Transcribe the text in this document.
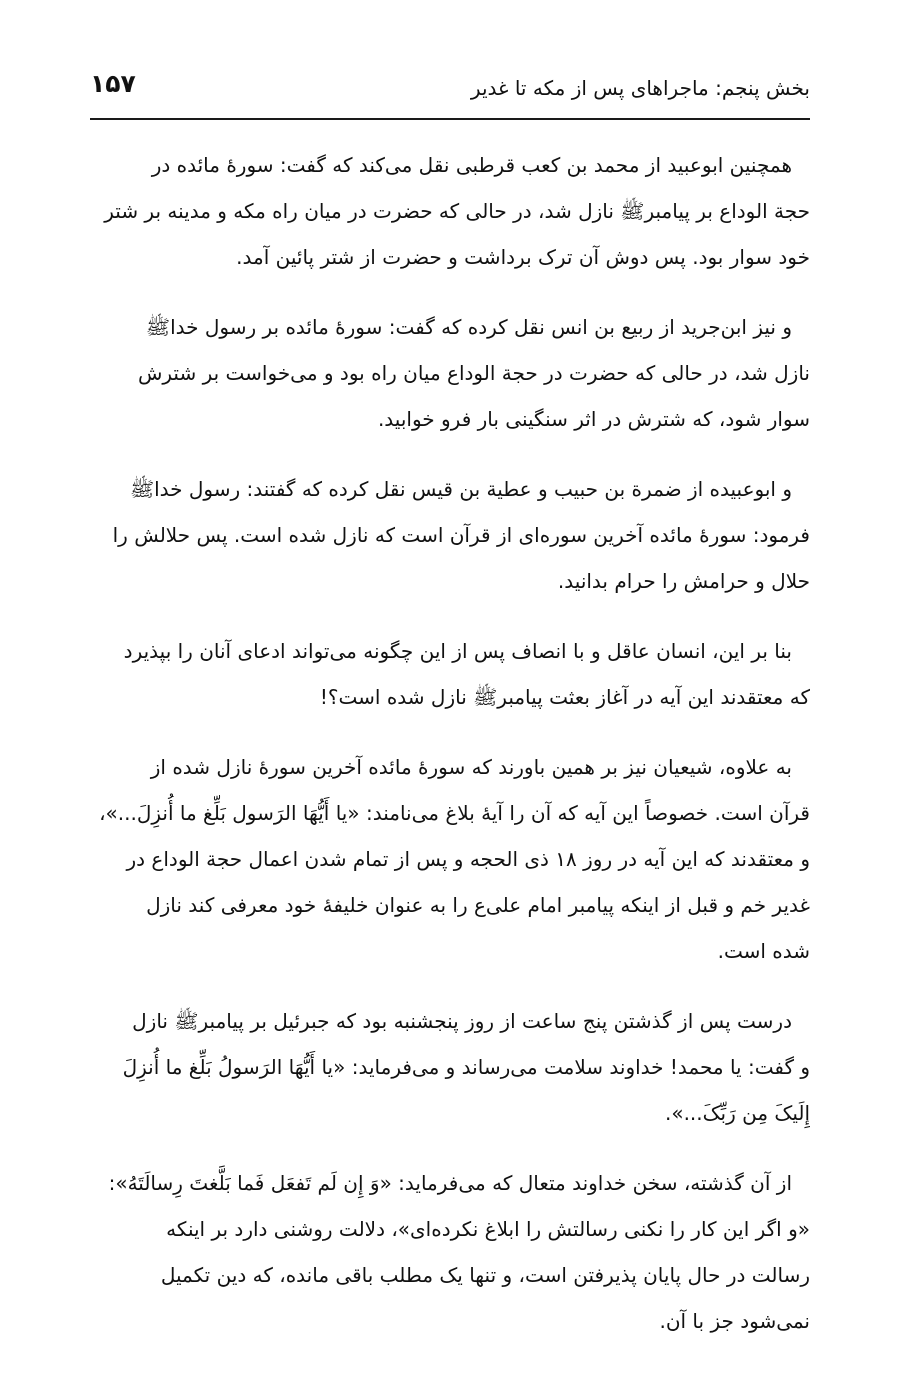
بخش پنجم: ماجراهای پس از مکه تا غدیر
۱۵۷
همچنین ابوعبید از محمد بن کعب قرطبی نقل می‌کند که گفت: سورۀ مائده در
حجة الوداع بر پیامبرﷺ نازل شد، در حالی که حضرت در میان راه مکه و مدینه بر شتر
خود سوار بود. پس دوش آن ترک برداشت و حضرت از شتر پائین آمد.
و نیز ابن‌جرید از ربیع بن انس نقل کرده که گفت: سورۀ مائده بر رسول خداﷺ
نازل شد، در حالی که حضرت در حجة الوداع میان راه بود و می‌خواست بر شترش
سوار شود، که شترش در اثر سنگینی بار فرو خوابید.
و ابوعبیده از ضمرة بن حبیب و عطیة بن قیس نقل کرده که گفتند: رسول خداﷺ
فرمود: سورۀ مائده آخرین سوره‌ای از قرآن است که نازل شده است. پس حلالش را
حلال و حرامش را حرام بدانید.
بنا بر این، انسان عاقل و با انصاف پس از این چگونه می‌تواند ادعای آنان را بپذیرد
که معتقدند این آیه در آغاز بعثت پیامبرﷺ نازل شده است؟!
به علاوه، شیعیان نیز بر همین باورند که سورۀ مائده آخرین سورۀ نازل شده از
قرآن است. خصوصاً این آیه که آن را آیۀ بلاغ می‌نامند: «یا أَیُّهَا الرَسول بَلِّغ ما أُنزِلَ...»،
و معتقدند که این آیه در روز ۱۸ ذی الحجه و پس از تمام شدن اعمال حجة الوداع در
غدیر خم و قبل از اینکه پیامبر امام علی‌ع را به عنوان خلیفۀ خود معرفی کند نازل
شده است.
درست پس از گذشتن پنج ساعت از روز پنجشنبه بود که جبرئیل بر پیامبرﷺ نازل
و گفت: یا محمد! خداوند سلامت می‌رساند و می‌فرماید: «یا أَیُّهَا الرَسولُ بَلِّغ ما أُنزِلَ
إِلَیکَ مِن رَبِّکَ...».
از آن گذشته، سخن خداوند متعال که می‌فرماید: «وَ إِن لَم تَفعَل فَما بَلَّغتَ رِسالَتَهُ»:
«و اگر این کار را نکنی رسالتش را ابلاغ نکرده‌ای»، دلالت روشنی دارد بر اینکه
رسالت در حال پایان پذیرفتن است، و تنها یک مطلب باقی مانده، که دین تکمیل
نمی‌شود جز با آن.
